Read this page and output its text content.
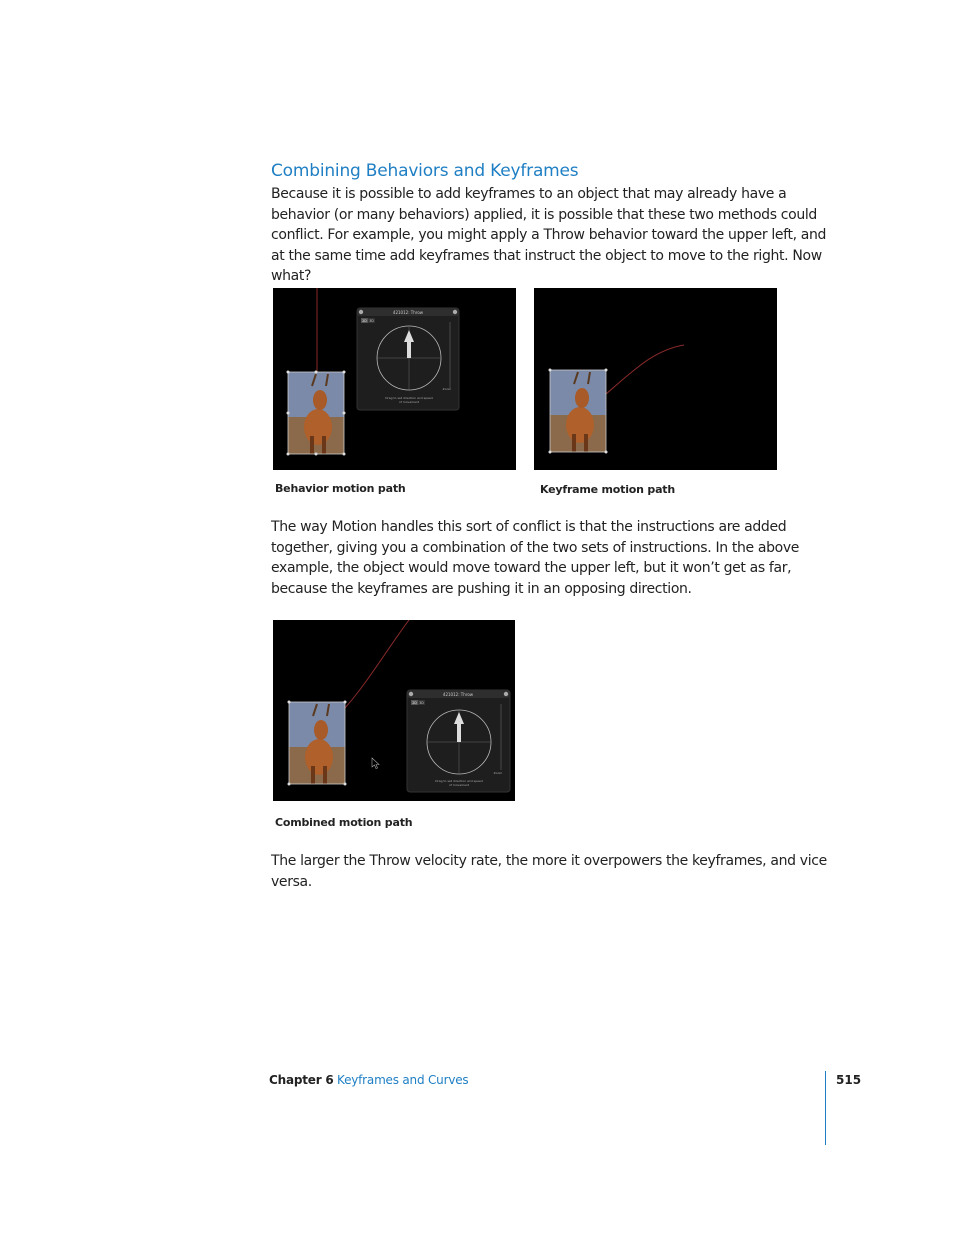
Combining Behaviors and Keyframes

Because it is possible to add keyframes to an object that may already have a behavior (or many behaviors) applied, it is possible that these two methods could conflict. For example, you might apply a Throw behavior toward the upper left, and at the same time add keyframes that instruct the object to move to the right. Now what?

421012: Throw
2D 3D
Zoom
Drag to set direction and speed
of movement
Behavior motion path	Keyframe motion path

The way Motion handles this sort of conflict is that the instructions are added together, giving you a combination of the two sets of instructions. In the above example, the object would move toward the upper left, but it won’t get as far, because the keyframes are pushing it in an opposing direction.

421012: Throw
2D 3D
Zoom
Drag to set direction and speed
of movement
Combined motion path

The larger the Throw velocity rate, the more it overpowers the keyframes, and vice versa.

Chapter 6 Keyframes and Curves	515
